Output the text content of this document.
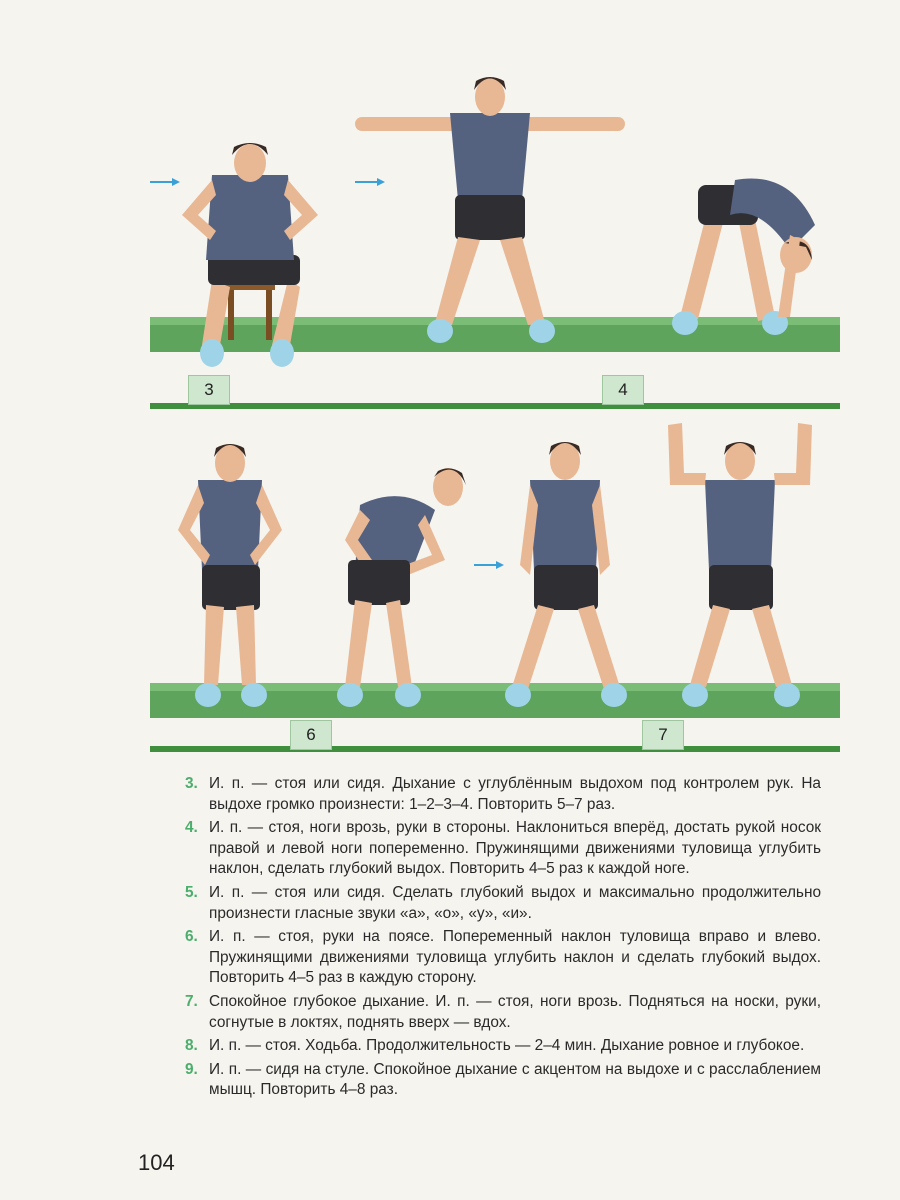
3	4
6	7
3. И. п. — стоя или сидя. Дыхание с углублённым выдохом под контролем рук. На выдохе громко произнести: 1–2–3–4. Повторить 5–7 раз.
4. И. п. — стоя, ноги врозь, руки в стороны. Наклониться вперёд, достать рукой носок правой и левой ноги попеременно. Пружинящими движениями туловища углубить наклон, сделать глубокий выдох. Повторить 4–5 раз к каждой ноге.
5. И. п. — стоя или сидя. Сделать глубокий выдох и максимально продолжительно произнести гласные звуки «а», «о», «у», «и».
6. И. п. — стоя, руки на поясе. Попеременный наклон туловища вправо и влево. Пружинящими движениями туловища углубить наклон и сделать глубокий выдох. Повторить 4–5 раз в каждую сторону.
7. Спокойное глубокое дыхание. И. п. — стоя, ноги врозь. Подняться на носки, руки, согнутые в локтях, поднять вверх — вдох.
8. И. п. — стоя. Ходьба. Продолжительность — 2–4 мин. Дыхание ровное и глубокое.
9. И. п. — сидя на стуле. Спокойное дыхание с акцентом на выдохе и с расслаблением мышц. Повторить 4–8 раз.
104
